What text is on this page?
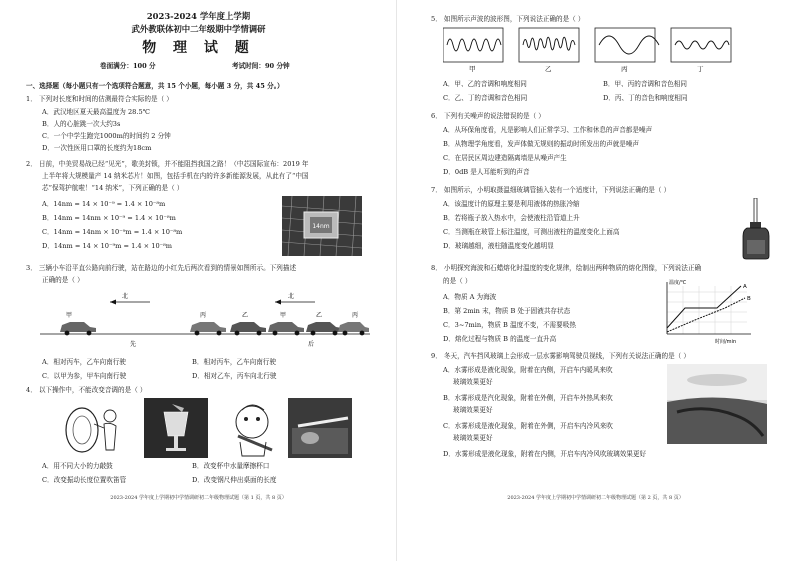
2023-2024 学年度上学期
武外教联体初中二年级期中学情调研
物 理 试 题
卷面满分：100 分	考试时间：90 分钟
一、选择题（每小题只有一个选项符合题意，共 15 个小题，每小题 3 分，共 45 分。）
1． 下列对长度和时间的估测最符合实际的是（ ）
A．武汉地区夏天最高温度为 28.5℃
B．人的心脏跳一次大约3s
C．一个中学生跑完1000m的时间约 2 分钟
D．一次性医用口罩的长度约为18cm
2． 日前，中美贸易战已经“见光”，歌美封锁，并不能阻挡我国之路！（中芯国际宣布：2019 年
上半年将大规模量产 14 纳米芯片！如图，包括手机在内的许多新能源发展，从此有了“中国
芯”保驾护航啦！“14 纳米”，下列正确的是（ ）
A．14nm = 14 × 10⁻⁹ = 1.4 × 10⁻⁸m
B．14nm = 14nm × 10⁻⁹ = 1.4 × 10⁻⁸m
C．14nm = 14nm × 10⁻⁹m = 1.4 × 10⁻⁸m
D．14nm = 14 × 10⁻⁹m = 1.4 × 10⁻⁸m
14nm
3． 三辆小车沿平直公路向前行驶，站在路边的小红先后两次看到的情景如图所示。下列描述
正确的是（ ）
北	北
甲	丙	乙	甲	乙	丙
先	后
A．相对丙车，乙车向南行驶	B．相对丙车，乙车向南行驶
C．以甲为参，甲车向南行驶	D．相对乙车，丙车向北行驶
4． 以下操作中，不能改变音调的是（ ）
A．用不同大小的力敲鼓	B．改变杯中水量摩擦杯口
C．改变振动长度位置吹笛管	D．改变钢尺伸出桌面的长度
2023-2024 学年度上学期初中学情调研初二年级物理试题（第 1 页，共 8 页）
5． 如图所示声波的波形图，下列说法正确的是（ ）
甲	乙	丙	丁
A．甲、乙的音调和响度相同	B．甲、丙的音调和音色相同
C．乙、丁的音调和音色相同	D．丙、丁的音色和响度相同
6． 下列有关噪声的说法错误的是（ ）
A．从环保角度看，凡是影响人们正常学习、工作和休息的声音都是噪声
B．从物理学角度看，发声体做无规则的振动时所发出的声就是噪声
C．在居民区周边建造隔离墙是从噪声产生
D．0dB 是人耳能听到的声音
7． 如图所示，小明取摄温细玻璃管插入装有一个适度计，下列说法正确的是（ ）
A．该温度计的原理主要是利用液体的热胀冷缩
B．若将瓶子放入热水中，会使液柱沿管道上升
C．当测瓶在玻管上标注温度，可测出液柱的温度变化上面高
D．玻璃越细，液柱随温度变化越明显
8． 小明探究海波和石蜡熔化时温度的变化规律，绘制出两种物质的熔化图像，下列说法正确
的是（ ）
A．物质 A 为海波
B．第 2min 末，物质 B 处于固液共存状态
C．3~7min，物质 B 温度不变，不需要吸热
D．熔化过程与物质 B 的温度一直升高
温度/℃
时间/min
A
B
9． 冬天，汽车挡风玻璃上会形成一层水雾影响驾驶员视线，下列有关说法正确的是（ ）
A．水雾形成是液化现象，附着在内侧，开启车内暖风来吹
玻璃效果更好
B．水雾形成是汽化现象，附着在外侧，开启车外热风来吹
玻璃效果更好
C．水雾形成是液化现象，附着在外侧，开启车内冷风来吹
玻璃效果更好
D．水雾形成是液化现象，附着在内侧，开启车内冷风吹玻璃效果更好
2023-2024 学年度上学期初中学情调研初二年级物理试题（第 2 页，共 8 页）
